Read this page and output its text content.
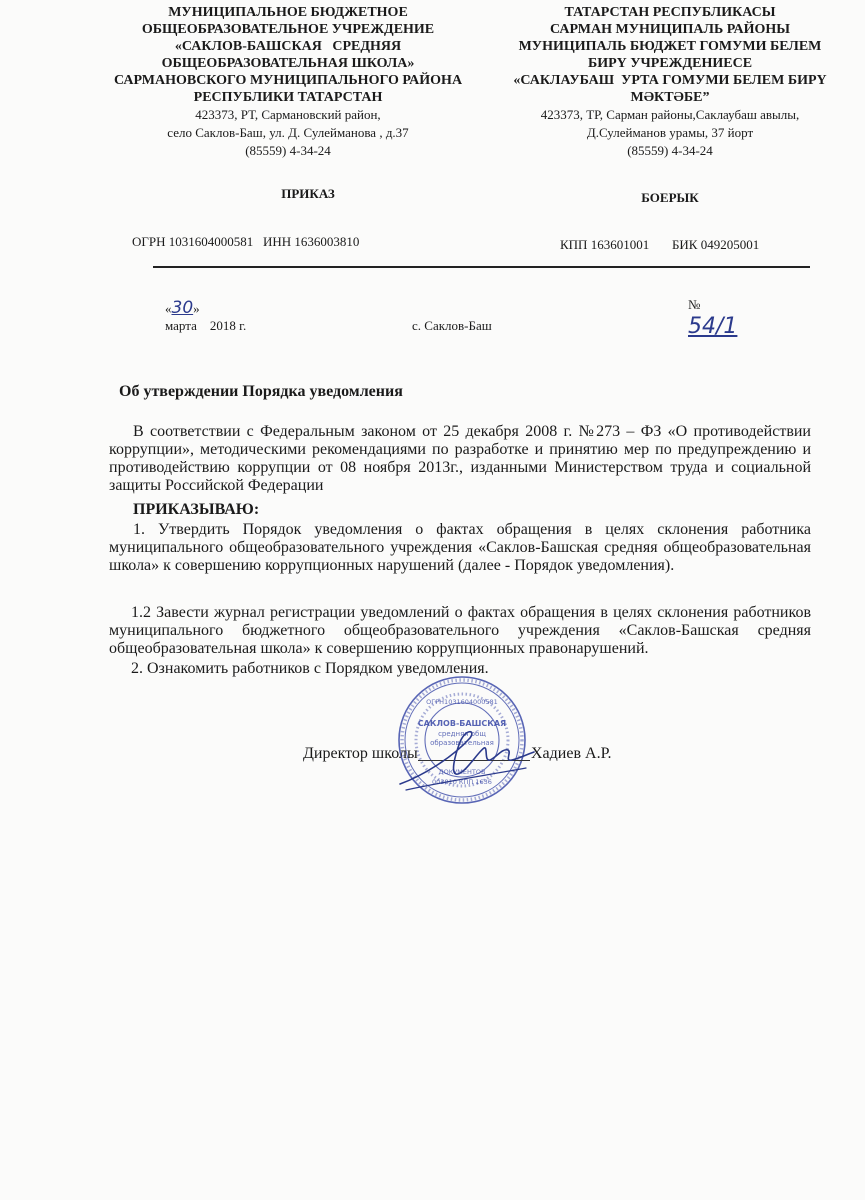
МУНИЦИПАЛЬНОЕ БЮДЖЕТНОЕ
ОБЩЕОБРАЗОВАТЕЛЬНОЕ УЧРЕЖДЕНИЕ
«САКЛОВ-БАШСКАЯ   СРЕДНЯЯ
ОБЩЕОБРАЗОВАТЕЛЬНАЯ ШКОЛА»
САРМАНОВСКОГО МУНИЦИПАЛЬНОГО РАЙОНА
РЕСПУБЛИКИ ТАТАРСТАН
423373, РТ, Сармановский район,
село Саклов-Баш, ул. Д. Сулейманова , д.37
(85559) 4-34-24
ПРИКАЗ
ОГРН 1031604000581   ИНН 1636003810
ТАТАРСТАН РЕСПУБЛИКАСЫ
САРМАН МУНИЦИПАЛЬ РАЙОНЫ
МУНИЦИПАЛЬ БЮДЖЕТ ГОМУМИ БЕЛЕМ
БИРҮ УЧРЕЖДЕНИЕСЕ
«САКЛАУБАШ  УРТА ГОМУМИ БЕЛЕМ БИРҮ
МӘКТӘБЕ”
423373, ТР, Сарман районы,Саклаубаш авылы,
Д.Сулейманов урамы, 37 йорт
(85559) 4-34-24
БОЕРЫК
КПП 163601001       БИК 049205001

«30»
марта    2018 г.

№
54/1

с. Саклов-Баш
Об утверждении Порядка уведомления
В соответствии с Федеральным законом от 25 декабря 2008 г. №273 – ФЗ «О противодействии коррупции», методическими рекомендациями по разработке и принятию мер по предупреждению и противодействию коррупции от 08 ноября 2013г., изданными Министерством труда и социальной защиты Российской Федерации
ПРИКАЗЫВАЮ:
1. Утвердить Порядок уведомления о фактах обращения в целях склонения работника муниципального общеобразовательного учреждения «Саклов-Башская средняя общеобразовательная школа» к совершению коррупционных нарушений (далее - Порядок уведомления).
1.2 Завести журнал регистрации уведомлений о фактах обращения в целях склонения работников муниципального бюджетного общеобразовательного учреждения «Саклов-Башская средняя общеобразовательная школа» к совершению коррупционных правонарушений.
2. Ознакомить работников с Порядком уведомления.
САКЛОВ-БАШСКАЯ
средняя общ
образовательная
ДОКУМЕНТОВ
003810 КПП 1636
ОГРН1031604000581
Директор школы	Хадиев А.Р.
